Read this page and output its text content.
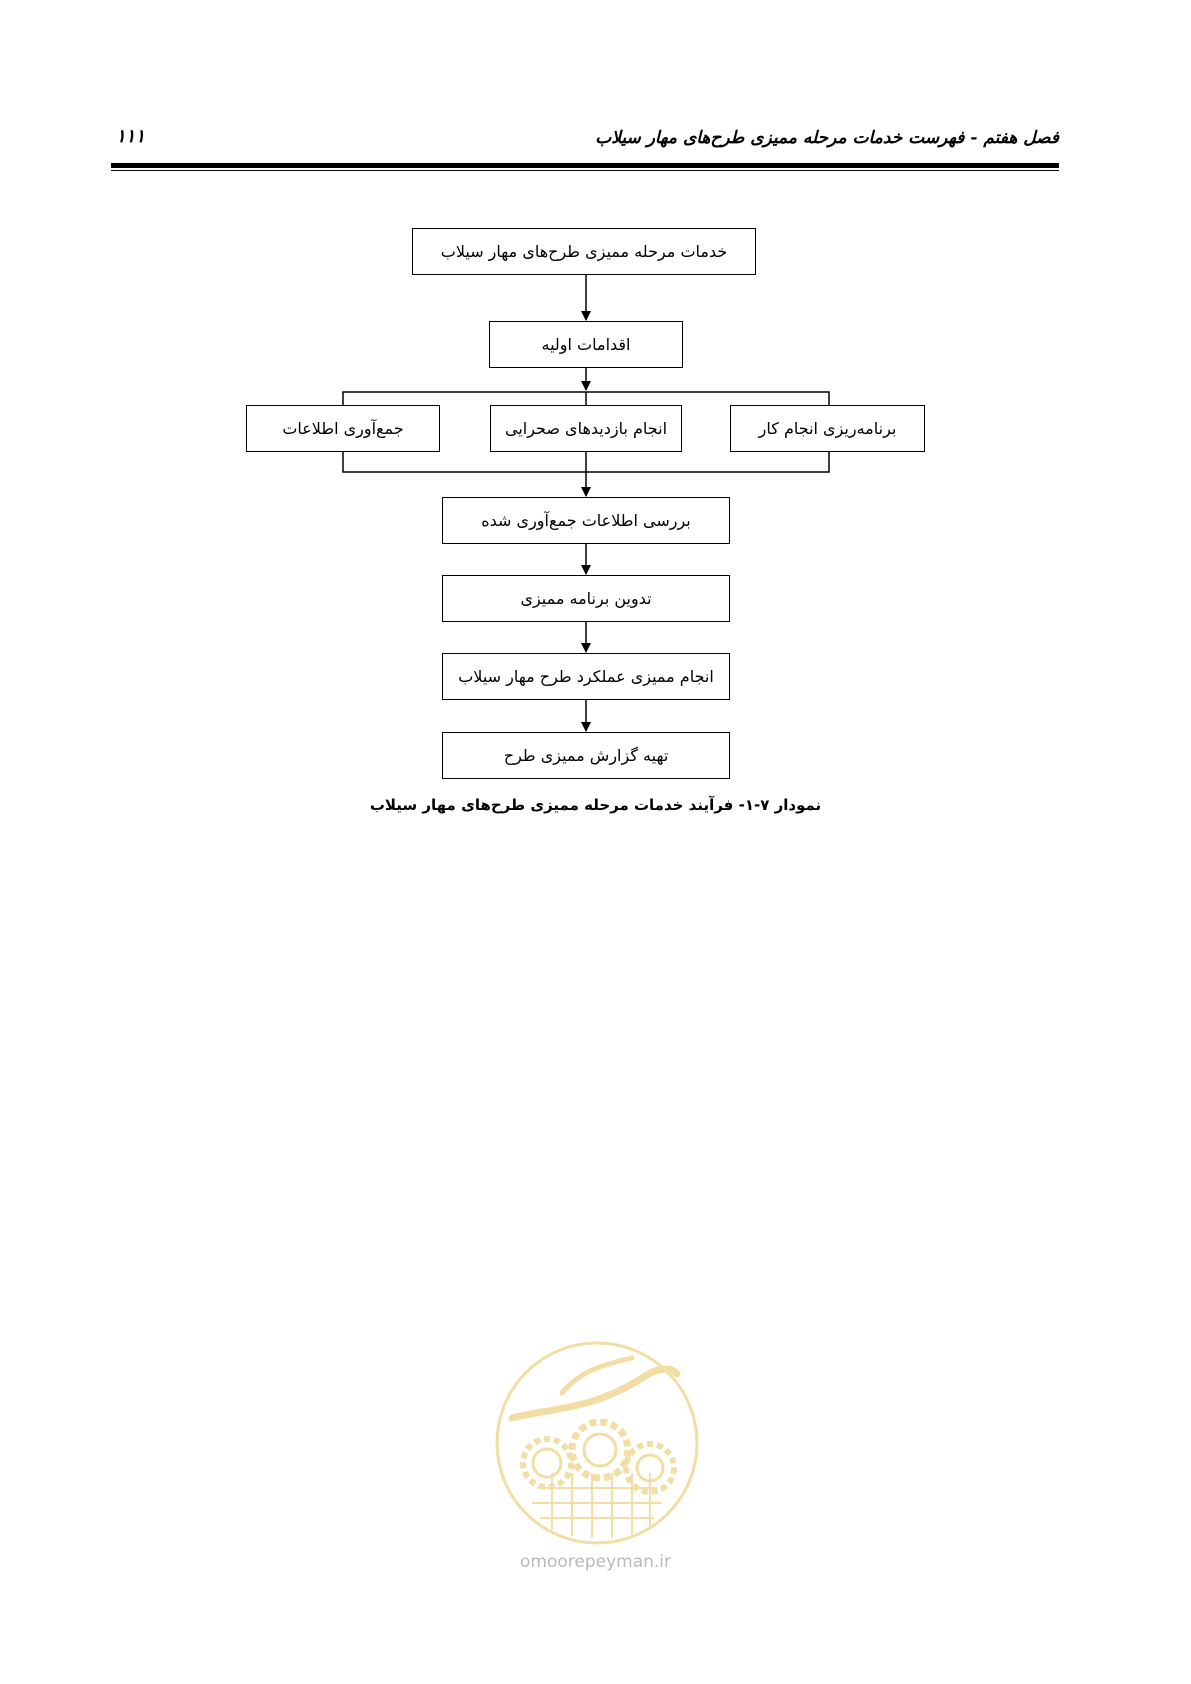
فصل هفتم - فهرست خدمات مرحله ممیزی طرح‌های مهار سیلاب
۱۱۱
خدمات مرحله ممیزی طرح‌های مهار سیلاب
اقدامات اولیه
برنامه‌ریزی انجام کار
انجام بازدیدهای صحرایی
جمع‌آوری اطلاعات
بررسی اطلاعات جمع‌آوری شده
تدوین برنامه ممیزی
انجام ممیزی عملکرد طرح مهار سیلاب
تهیه گزارش ممیزی طرح
نمودار ۷-۱- فرآیند خدمات مرحله ممیزی طرح‌های مهار سیلاب
omoorepeyman.ir
